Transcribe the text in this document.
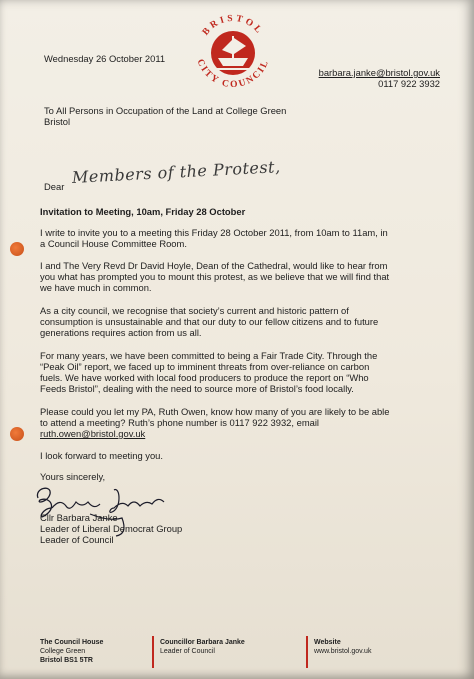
Wednesday 26 October 2011
BRISTOL
CITY COUNCIL
barbara.janke@bristol.gov.uk
0117 922 3932
To All Persons in Occupation of the Land at College Green
Bristol
Dear Members of the Protest,
Invitation to Meeting, 10am, Friday 28 October
I write to invite you to a meeting this Friday 28 October 2011, from 10am to 11am, in
a Council House Committee Room.
I and The Very Revd Dr David Hoyle, Dean of the Cathedral, would like to hear from
you what has prompted you to mount this protest, as we believe that we will find that
we have much in common.
As a city council, we recognise that society’s current and historic pattern of
consumption is unsustainable and that our duty to our fellow citizens and to future
generations requires action from us all.
For many years, we have been committed to being a Fair Trade City. Through the
“Peak Oil” report, we faced up to imminent threats from over-reliance on carbon
fuels. We have worked with local food producers to produce the report on “Who
Feeds Bristol”, dealing with the need to source more of Bristol’s food locally.
Please could you let my PA, Ruth Owen, know how many of you are likely to be able
to attend a meeting? Ruth’s phone number is 0117 922 3932, email
ruth.owen@bristol.gov.uk
I look forward to meeting you.
Yours sincerely,
Cllr Barbara Janke
Leader of Liberal Democrat Group
Leader of Council
The Council House
College Green
Bristol BS1 5TR
Councillor Barbara Janke
Leader of Council
Website
www.bristol.gov.uk
